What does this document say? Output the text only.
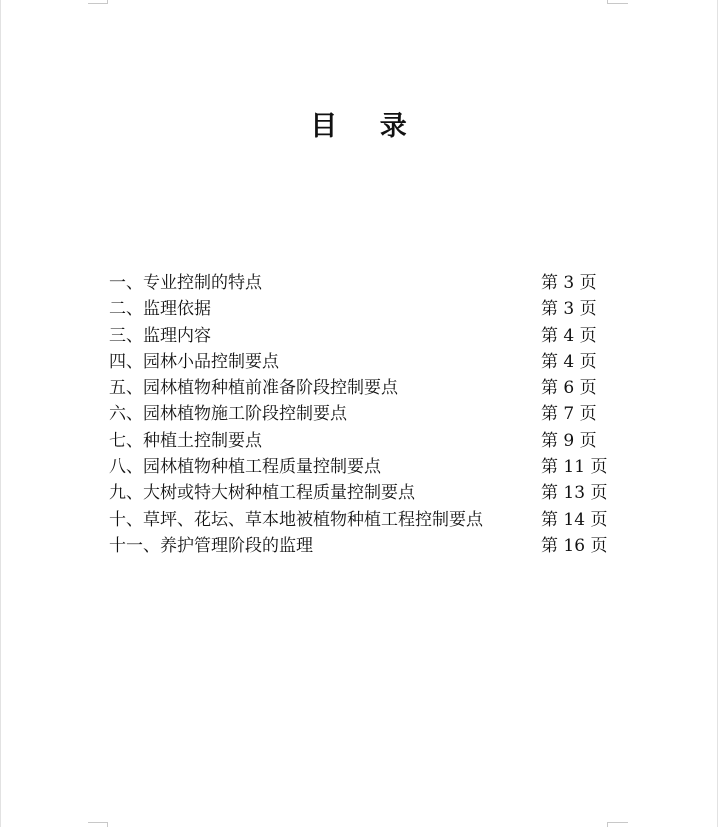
目    录
一、专业控制的特点	第 3 页
二、监理依据	第 3 页
三、监理内容	第 4 页
四、园林小品控制要点	第 4 页
五、园林植物种植前准备阶段控制要点	第 6 页
六、园林植物施工阶段控制要点	第 7 页
七、种植土控制要点	第 9 页
八、园林植物种植工程质量控制要点	第 11 页
九、大树或特大树种植工程质量控制要点	第 13 页
十、草坪、花坛、草本地被植物种植工程控制要点	第 14 页
十一、养护管理阶段的监理	第 16 页
